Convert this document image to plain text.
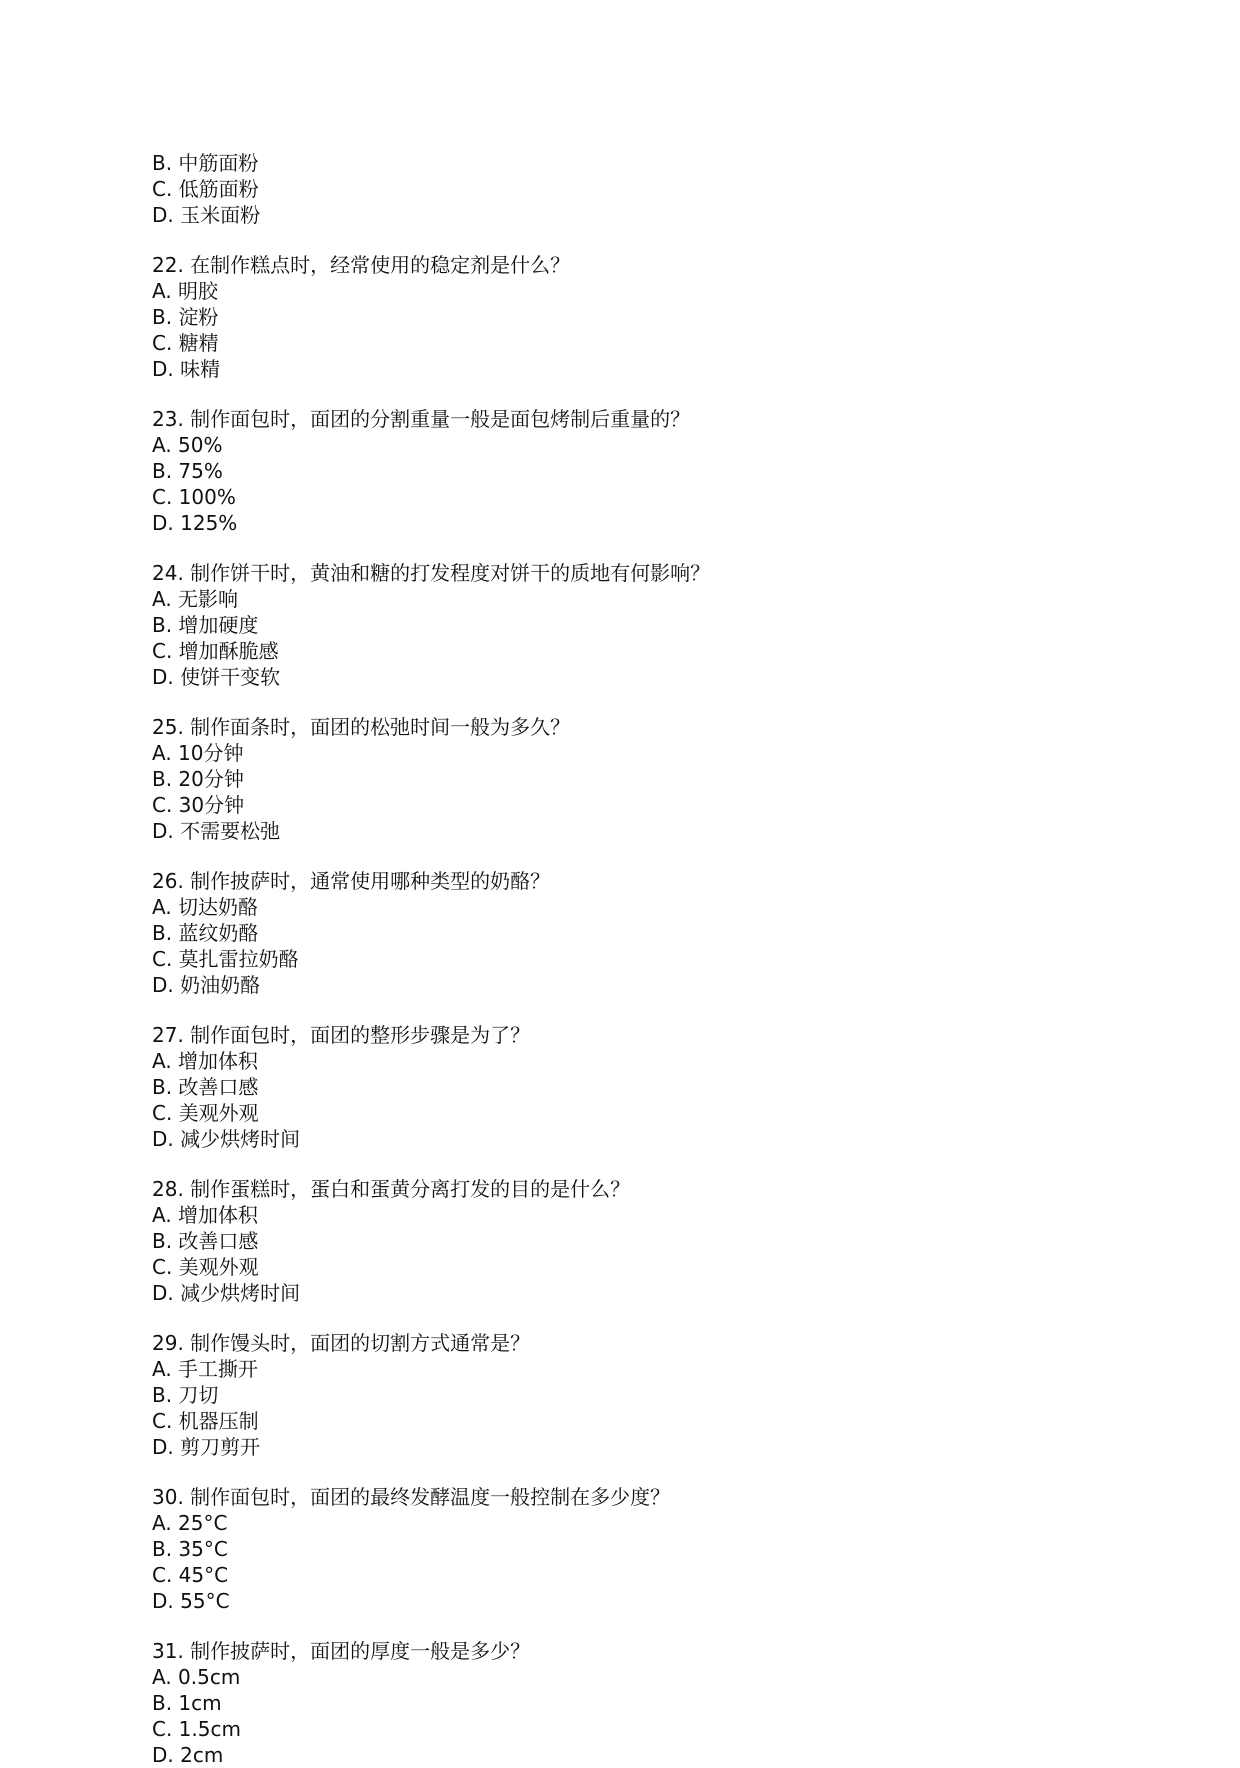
B. 中筋面粉
C. 低筋面粉
D. 玉米面粉
22. 在制作糕点时，经常使用的稳定剂是什么？
A. 明胶
B. 淀粉
C. 糖精
D. 味精
23. 制作面包时，面团的分割重量一般是面包烤制后重量的？
A. 50%
B. 75%
C. 100%
D. 125%
24. 制作饼干时，黄油和糖的打发程度对饼干的质地有何影响？
A. 无影响
B. 增加硬度
C. 增加酥脆感
D. 使饼干变软
25. 制作面条时，面团的松弛时间一般为多久？
A. 10分钟
B. 20分钟
C. 30分钟
D. 不需要松弛
26. 制作披萨时，通常使用哪种类型的奶酪？
A. 切达奶酪
B. 蓝纹奶酪
C. 莫扎雷拉奶酪
D. 奶油奶酪
27. 制作面包时，面团的整形步骤是为了？
A. 增加体积
B. 改善口感
C. 美观外观
D. 减少烘烤时间
28. 制作蛋糕时，蛋白和蛋黄分离打发的目的是什么？
A. 增加体积
B. 改善口感
C. 美观外观
D. 减少烘烤时间
29. 制作馒头时，面团的切割方式通常是？
A. 手工撕开
B. 刀切
C. 机器压制
D. 剪刀剪开
30. 制作面包时，面团的最终发酵温度一般控制在多少度？
A. 25°C
B. 35°C
C. 45°C
D. 55°C
31. 制作披萨时，面团的厚度一般是多少？
A. 0.5cm
B. 1cm
C. 1.5cm
D. 2cm
